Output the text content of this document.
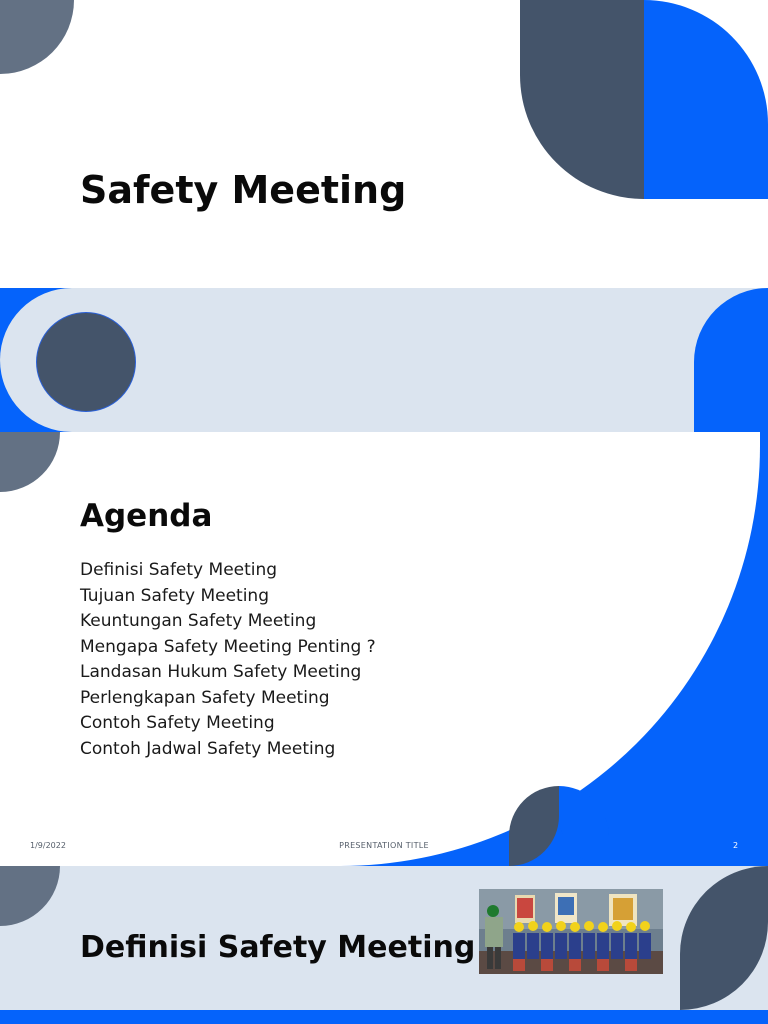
Safety Meeting
Agenda
Definisi Safety Meeting
Tujuan Safety Meeting
Keuntungan Safety Meeting
Mengapa Safety Meeting Penting ?
Landasan Hukum Safety Meeting
Perlengkapan Safety Meeting
Contoh Safety Meeting
Contoh Jadwal Safety Meeting
1/9/2022	PRESENTATION TITLE	2
Definisi Safety Meeting
